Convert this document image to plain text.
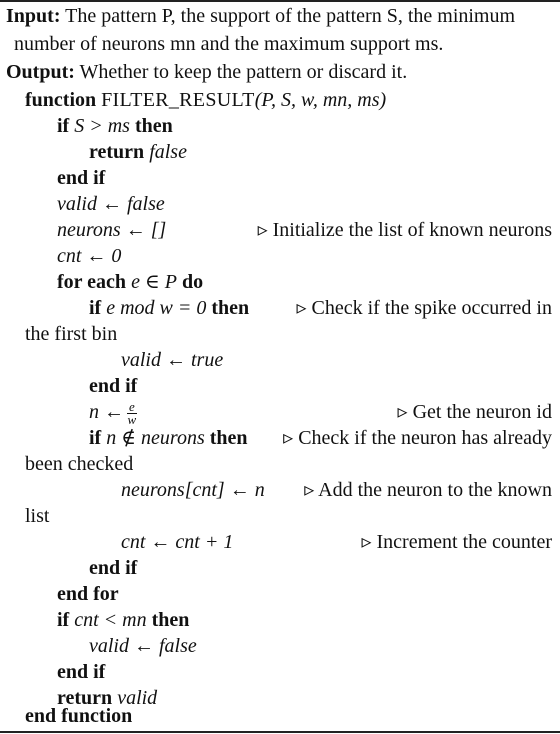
Input: The pattern P, the support of the pattern S, the minimum
number of neurons mn and the maximum support ms.
Output: Whether to keep the pattern or discard it.
function FILTER_RESULT(P, S, w, mn, ms)
if S > ms then
return false
end if
valid ← false
neurons ← []	▹ Initialize the list of known neurons
cnt ← 0
for each e ∈ P do
if e mod w = 0 then ▹ Check if the spike occurred in
the first bin
valid ← true
end if
n ← $\frac{e}{w}$	▹ Get the neuron id
if n ∉ neurons then ▹ Check if the neuron has already
been checked
neurons[cnt] ← n ▹ Add the neuron to the known
list
cnt ← cnt + 1	▹ Increment the counter
end if
end for
if cnt < mn then
valid ← false
end if
return valid
end function
